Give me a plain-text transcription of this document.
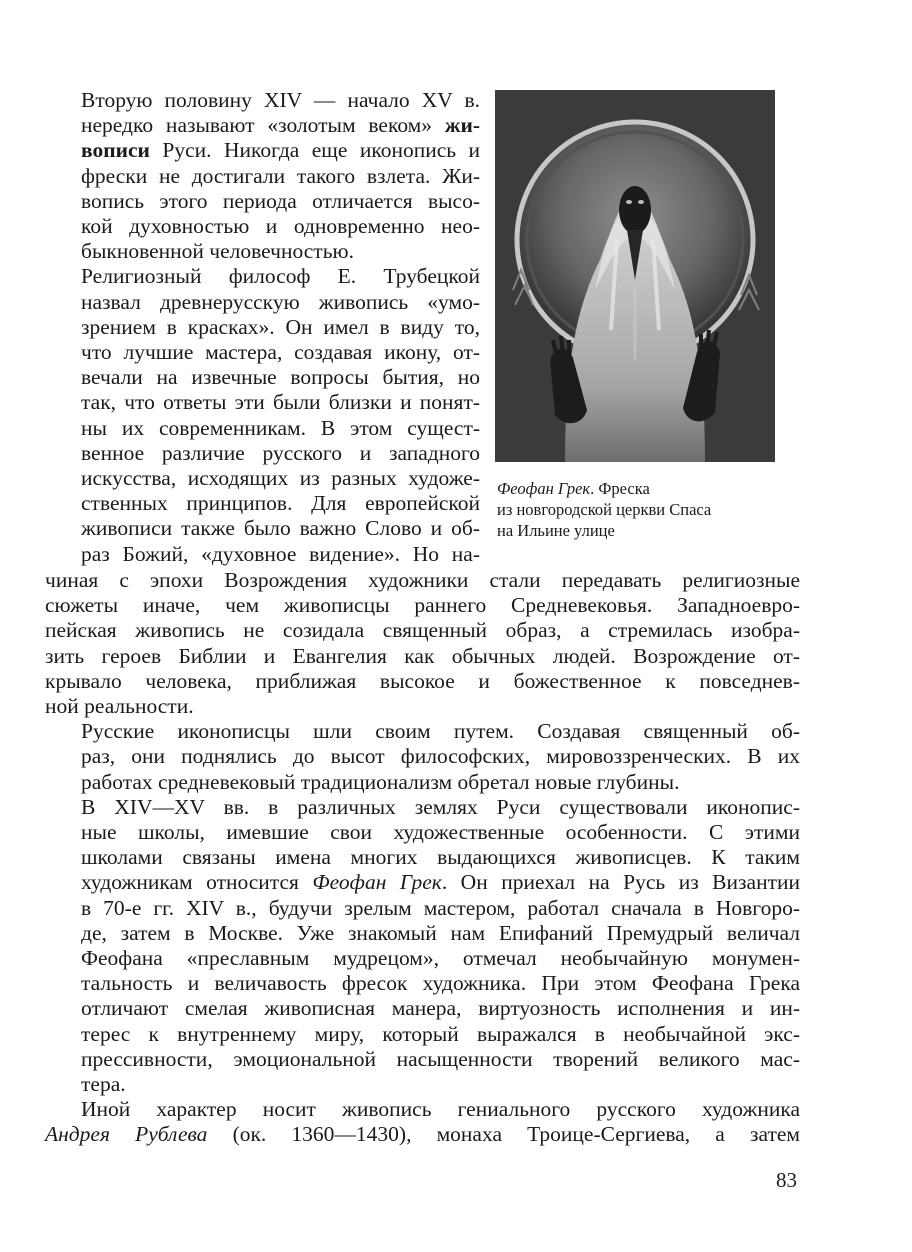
Вторую половину XIV — начало XV в.
нередко называют «золотым веком» жи-
вописи Руси. Никогда еще иконопись и
фрески не достигали такого взлета. Жи-
вопись этого периода отличается высо-
кой духовностью и одновременно нео-
быкновенной человечностью.

Религиозный философ Е. Трубецкой
назвал древнерусскую живопись «умо-
зрением в красках». Он имел в виду то,
что лучшие мастера, создавая икону, от-
вечали на извечные вопросы бытия, но
так, что ответы эти были близки и понят-
ны их современникам. В этом сущест-
венное различие русского и западного
искусства, исходящих из разных художе-
ственных принципов. Для европейской
живописи также было важно Слово и об-
раз Божий, «духовное видение». Но на-

Феофан Грек. Фреска
из новгородской церкви Спаса
на Ильине улице

чиная с эпохи Возрождения художники стали передавать религиозные
сюжеты иначе, чем живописцы раннего Средневековья. Западноевро-
пейская живопись не созидала священный образ, а стремилась изобра-
зить героев Библии и Евангелия как обычных людей. Возрождение от-
крывало человека, приближая высокое и божественное к повседнев-
ной реальности.

Русские иконописцы шли своим путем. Создавая священный об-
раз, они поднялись до высот философских, мировоззренческих. В их
работах средневековый традиционализм обретал новые глубины.

В XIV—XV вв. в различных землях Руси существовали иконопис-
ные школы, имевшие свои художественные особенности. С этими
школами связаны имена многих выдающихся живописцев. К таким
художникам относится Феофан Грек. Он приехал на Русь из Византии
в 70-е гг. XIV в., будучи зрелым мастером, работал сначала в Новгоро-
де, затем в Москве. Уже знакомый нам Епифаний Премудрый величал
Феофана «преславным мудрецом», отмечал необычайную монумен-
тальность и величавость фресок художника. При этом Феофана Грека
отличают смелая живописная манера, виртуозность исполнения и ин-
терес к внутреннему миру, который выражался в необычайной экс-
прессивности, эмоциональной насыщенности творений великого мас-
тера.

Иной характер носит живопись гениального русского художника
Андрея Рублева (ок. 1360—1430), монаха Троице-Сергиева, а затем

83
